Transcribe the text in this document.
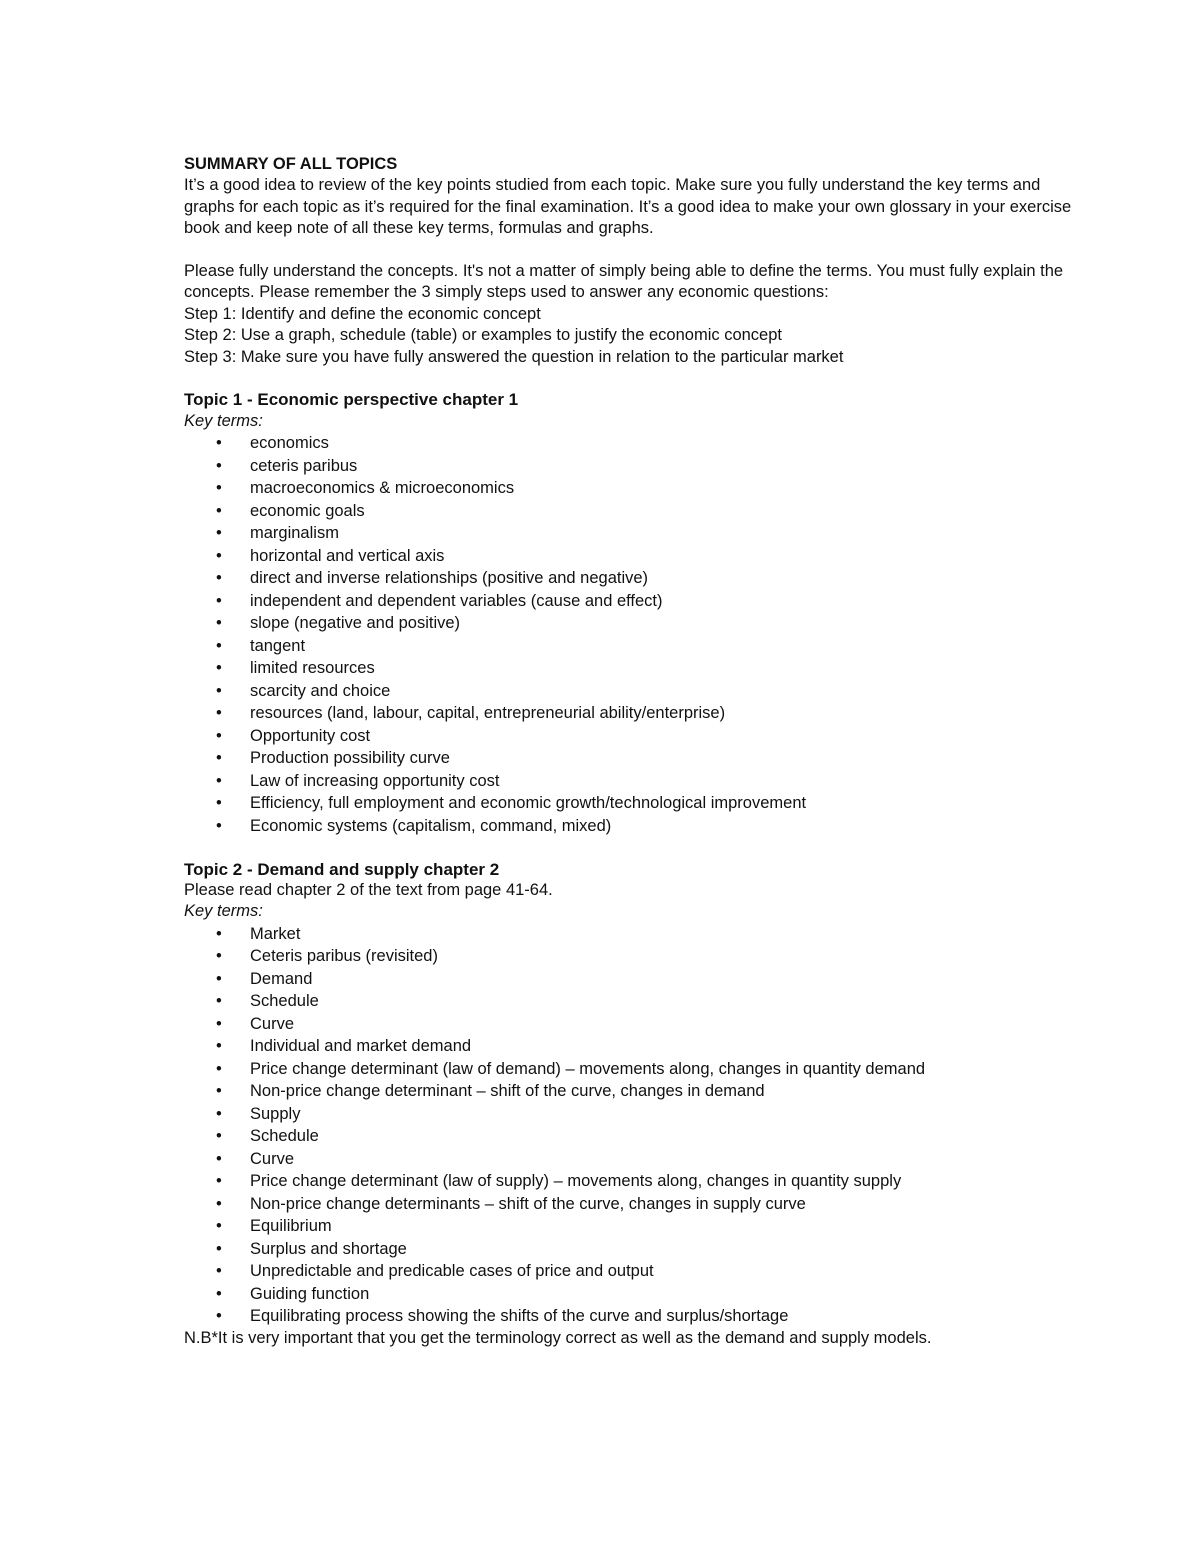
SUMMARY OF ALL TOPICS

It’s a good idea to review of the key points studied from each topic. Make sure you fully understand the key terms and graphs for each topic as it’s required for the final examination. It’s a good idea to make your own glossary in your exercise book and keep note of all these key terms, formulas and graphs.

Please fully understand the concepts. It's not a matter of simply being able to define the terms. You must fully explain the concepts. Please remember the 3 simply steps used to answer any economic questions:

Step 1: Identify and define the economic concept
Step 2: Use a graph, schedule (table) or examples to justify the economic concept
Step 3: Make sure you have fully answered the question in relation to the particular market
Topic 1 - Economic perspective chapter 1
Key terms:
• economics
• ceteris paribus
• macroeconomics & microeconomics
• economic goals
• marginalism
• horizontal and vertical axis
• direct and inverse relationships (positive and negative)
• independent and dependent variables (cause and effect)
• slope (negative and positive)
• tangent
• limited resources
• scarcity and choice
• resources (land, labour, capital, entrepreneurial ability/enterprise)
• Opportunity cost
• Production possibility curve
• Law of increasing opportunity cost
• Efficiency, full employment and economic growth/technological improvement
• Economic systems (capitalism, command, mixed)
Topic 2 - Demand and supply chapter 2
Please read chapter 2 of the text from page 41-64.
Key terms:
• Market
• Ceteris paribus (revisited)
• Demand
• Schedule
• Curve
• Individual and market demand
• Price change determinant (law of demand) – movements along, changes in quantity demand
• Non-price change determinant – shift of the curve, changes in demand
• Supply
• Schedule
• Curve
• Price change determinant (law of supply) – movements along, changes in quantity supply
• Non-price change determinants – shift of the curve, changes in supply curve
• Equilibrium
• Surplus and shortage
• Unpredictable and predicable cases of price and output
• Guiding function
• Equilibrating process showing the shifts of the curve and surplus/shortage
N.B*It is very important that you get the terminology correct as well as the demand and supply models.
